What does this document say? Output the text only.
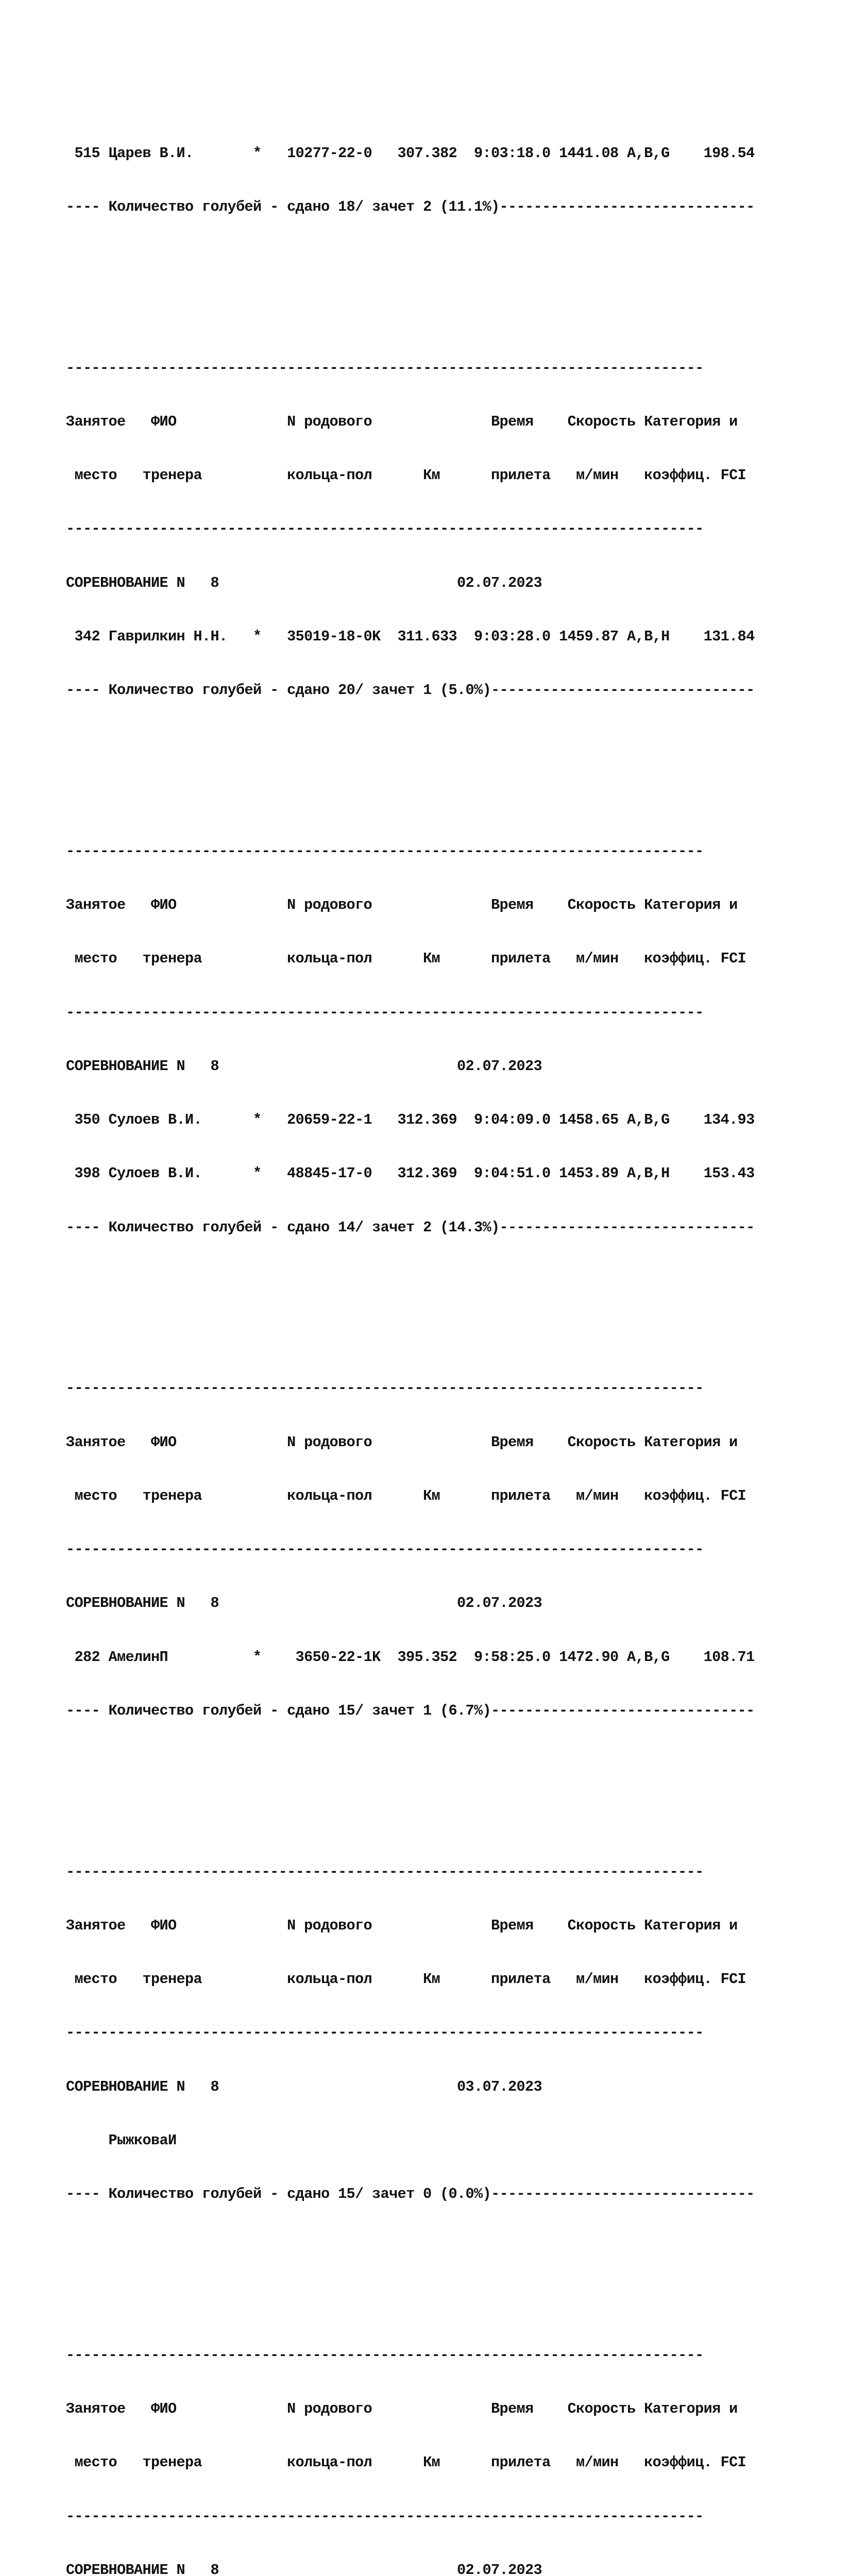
515 Царев В.И.       *   10277-22-0   307.382  9:03:18.0 1441.08 A,B,G    198.54

---- Количество голубей - сдано 18/ зачет 2 (11.1%)------------------------------

---------------------------------------------------------------------------

Занятое   ФИО             N родового              Время    Скорость Категория и

место   тренера          кольца-пол      Км      прилета   м/мин   коэффиц. FCI

---------------------------------------------------------------------------

СОРЕВНОВАНИЕ N   8                            02.07.2023

342 Гаврилкин Н.Н.   *   35019-18-0K  311.633  9:03:28.0 1459.87 A,B,H    131.84

---- Количество голубей - сдано 20/ зачет 1 (5.0%)-------------------------------

---------------------------------------------------------------------------

Занятое   ФИО             N родового              Время    Скорость Категория и

место   тренера          кольца-пол      Км      прилета   м/мин   коэффиц. FCI

---------------------------------------------------------------------------

СОРЕВНОВАНИЕ N   8                            02.07.2023

350 Сулоев В.И.      *   20659-22-1   312.369  9:04:09.0 1458.65 A,B,G    134.93

398 Сулоев В.И.      *   48845-17-0   312.369  9:04:51.0 1453.89 A,B,H    153.43

---- Количество голубей - сдано 14/ зачет 2 (14.3%)------------------------------

---------------------------------------------------------------------------

Занятое   ФИО             N родового              Время    Скорость Категория и

место   тренера          кольца-пол      Км      прилета   м/мин   коэффиц. FCI

---------------------------------------------------------------------------

СОРЕВНОВАНИЕ N   8                            02.07.2023

282 АмелинП          *    3650-22-1K  395.352  9:58:25.0 1472.90 A,B,G    108.71

---- Количество голубей - сдано 15/ зачет 1 (6.7%)-------------------------------

---------------------------------------------------------------------------

Занятое   ФИО             N родового              Время    Скорость Категория и

место   тренера          кольца-пол      Км      прилета   м/мин   коэффиц. FCI

---------------------------------------------------------------------------

СОРЕВНОВАНИЕ N   8                            03.07.2023

РыжковаИ

---- Количество голубей - сдано 15/ зачет 0 (0.0%)-------------------------------

---------------------------------------------------------------------------

Занятое   ФИО             N родового              Время    Скорость Категория и

место   тренера          кольца-пол      Км      прилета   м/мин   коэффиц. FCI

---------------------------------------------------------------------------

СОРЕВНОВАНИЕ N   8                            02.07.2023
